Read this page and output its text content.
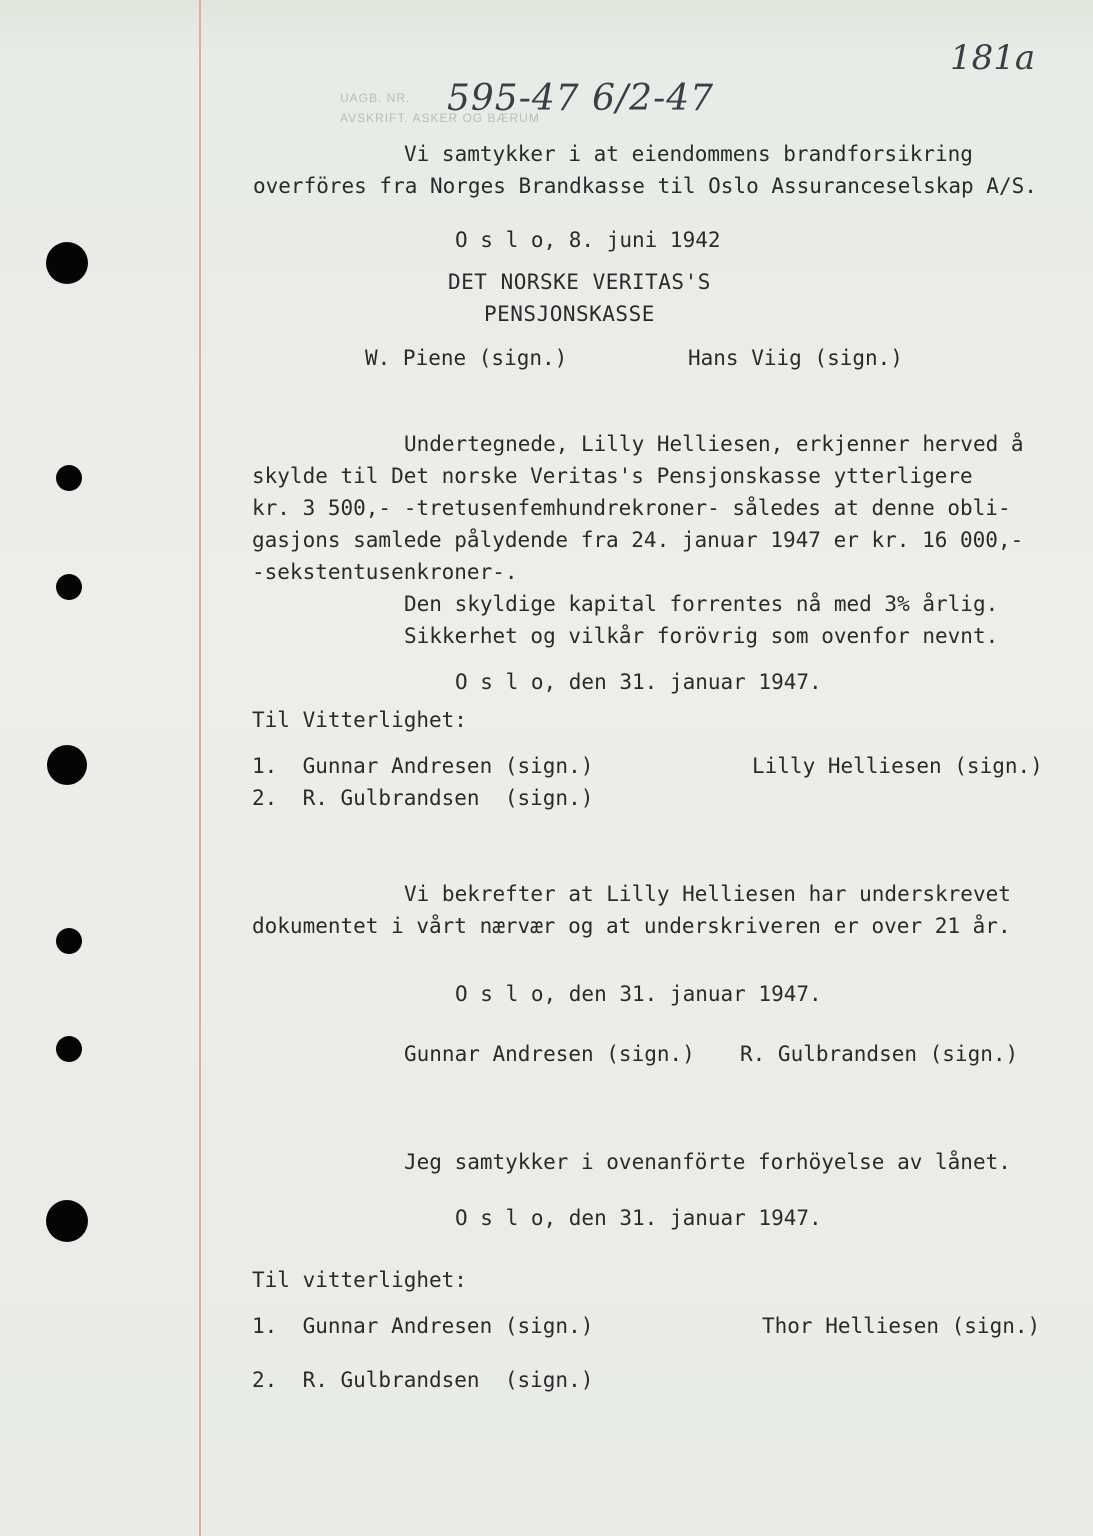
181a
UAGB. NR.
AVSKRIFT. ASKER OG BÆRUM
595-47 6/2-47
Vi samtykker i at eiendommens brandforsikring
overföres fra Norges Brandkasse til Oslo Assuranceselskap A/S.
O s l o, 8. juni 1942
DET NORSKE VERITAS'S
PENSJONSKASSE
W. Piene (sign.)	Hans Viig (sign.)
Undertegnede, Lilly Helliesen, erkjenner herved å
skylde til Det norske Veritas's Pensjonskasse ytterligere
kr. 3 500,- -tretusenfemhundrekroner- således at denne obli-
gasjons samlede pålydende fra 24. januar 1947 er kr. 16 000,-
-sekstentusenkroner-.
Den skyldige kapital forrentes nå med 3% årlig.
Sikkerhet og vilkår forövrig som ovenfor nevnt.
O s l o, den 31. januar 1947.
Til Vitterlighet:
1.  Gunnar Andresen (sign.)	Lilly Helliesen (sign.)
2.  R. Gulbrandsen  (sign.)
Vi bekrefter at Lilly Helliesen har underskrevet
dokumentet i vårt nærvær og at underskriveren er over 21 år.
O s l o, den 31. januar 1947.
Gunnar Andresen (sign.) R. Gulbrandsen (sign.)
Jeg samtykker i ovenanförte forhöyelse av lånet.
O s l o, den 31. januar 1947.
Til vitterlighet:
1.  Gunnar Andresen (sign.)	Thor Helliesen (sign.)
2.  R. Gulbrandsen  (sign.)
